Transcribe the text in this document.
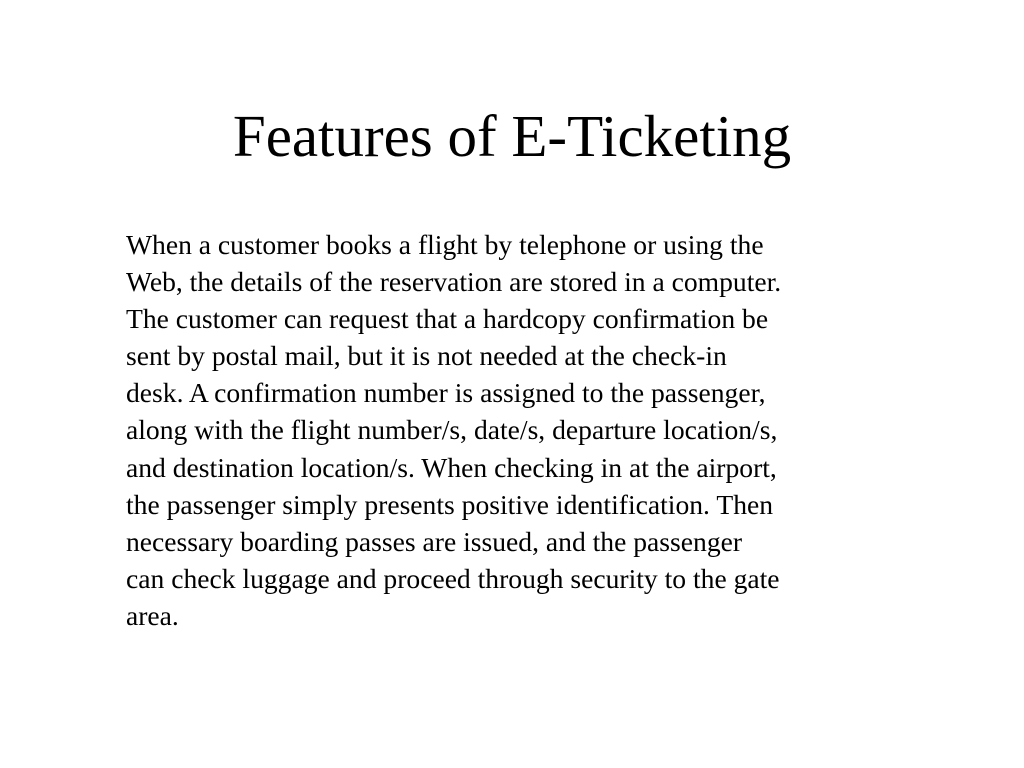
Features of E-Ticketing

When a customer books a flight by telephone or using the
Web, the details of the reservation are stored in a computer.
The customer can request that a hardcopy confirmation be
sent by postal mail, but it is not needed at the check-in
desk. A confirmation number is assigned to the passenger,
along with the flight number/s, date/s, departure location/s,
and destination location/s. When checking in at the airport,
the passenger simply presents positive identification. Then
necessary boarding passes are issued, and the passenger
can check luggage and proceed through security to the gate
area.
